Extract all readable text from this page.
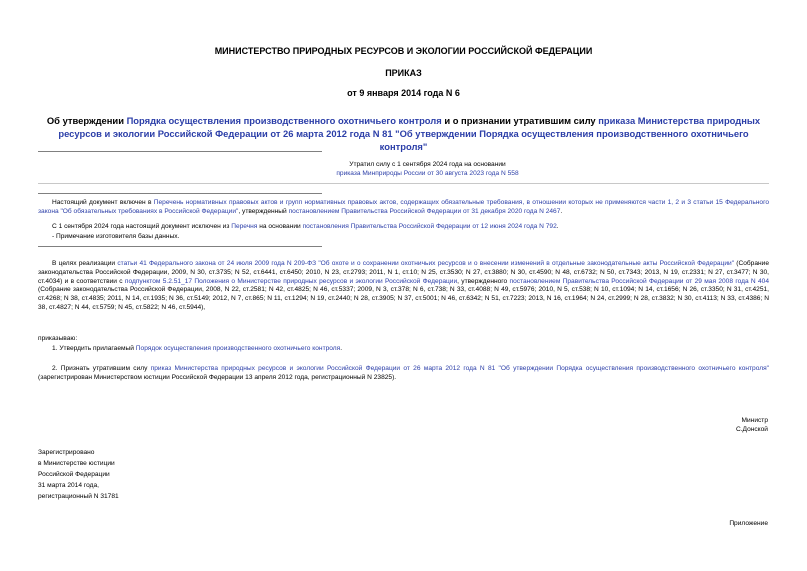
МИНИСТЕРСТВО ПРИРОДНЫХ РЕСУРСОВ И ЭКОЛОГИИ РОССИЙСКОЙ ФЕДЕРАЦИИ
ПРИКАЗ
от 9 января 2014 года N 6
Об утверждении Порядка осуществления производственного охотничьего контроля и о признании утратившим силу приказа Министерства природных ресурсов и экологии Российской Федерации от 26 марта 2012 года N 81 "Об утверждении Порядка осуществления производственного охотничьего контроля"
Утратил силу с 1 сентября 2024 года на основании
приказа Минприроды России от 30 августа 2023 года N 558
Настоящий документ включен в Перечень нормативных правовых актов и групп нормативных правовых актов, содержащих обязательные требования, в отношении которых не применяются части 1, 2 и 3 статьи 15 Федерального закона "Об обязательных требованиях в Российской Федерации", утвержденный постановлением Правительства Российской Федерации от 31 декабря 2020 года N 2467.
С 1 сентября 2024 года настоящий документ исключен из Перечня на основании постановления Правительства Российской Федерации от 12 июня 2024 года N 792.
- Примечание изготовителя базы данных.
В целях реализации статьи 41 Федерального закона от 24 июля 2009 года N 209-ФЗ "Об охоте и о сохранении охотничьих ресурсов и о внесении изменений в отдельные законодательные акты Российской Федерации" (Собрание законодательства Российской Федерации, 2009, N 30, ст.3735; N 52, ст.6441, ст.6450; 2010, N 23, ст.2793; 2011, N 1, ст.10; N 25, ст.3530; N 27, ст.3880; N 30, ст.4590; N 48, ст.6732; N 50, ст.7343; 2013, N 19, ст.2331; N 27, ст.3477; N 30, ст.4034) и в соответствии с подпунктом 5.2.51_17 Положения о Министерстве природных ресурсов и экологии Российской Федерации, утвержденного постановлением Правительства Российской Федерации от 29 мая 2008 года N 404 (Собрание законодательства Российской Федерации, 2008, N 22, ст.2581; N 42, ст.4825; N 46, ст.5337; 2009, N 3, ст.378; N 6, ст.738; N 33, ст.4088; N 49, ст.5976; 2010, N 5, ст.538; N 10, ст.1094; N 14, ст.1656; N 26, ст.3350; N 31, ст.4251, ст.4268; N 38, ст.4835; 2011, N 14, ст.1935; N 36, ст.5149; 2012, N 7, ст.865; N 11, ст.1294; N 19, ст.2440; N 28, ст.3905; N 37, ст.5001; N 46, ст.6342; N 51, ст.7223; 2013, N 16, ст.1964; N 24, ст.2999; N 28, ст.3832; N 30, ст.4113; N 33, ст.4386; N 38, ст.4827; N 44, ст.5759; N 45, ст.5822; N 46, ст.5944),
приказываю:
1. Утвердить прилагаемый Порядок осуществления производственного охотничьего контроля.
2. Признать утратившим силу приказ Министерства природных ресурсов и экологии Российской Федерации от 26 марта 2012 года N 81 "Об утверждении Порядка осуществления производственного охотничьего контроля" (зарегистрирован Министерством юстиции Российской Федерации 13 апреля 2012 года, регистрационный N 23825).
Министр
С.Донской
Зарегистрировано
в Министерстве юстиции
Российской Федерации
31 марта 2014 года,
регистрационный N 31781
Приложение
